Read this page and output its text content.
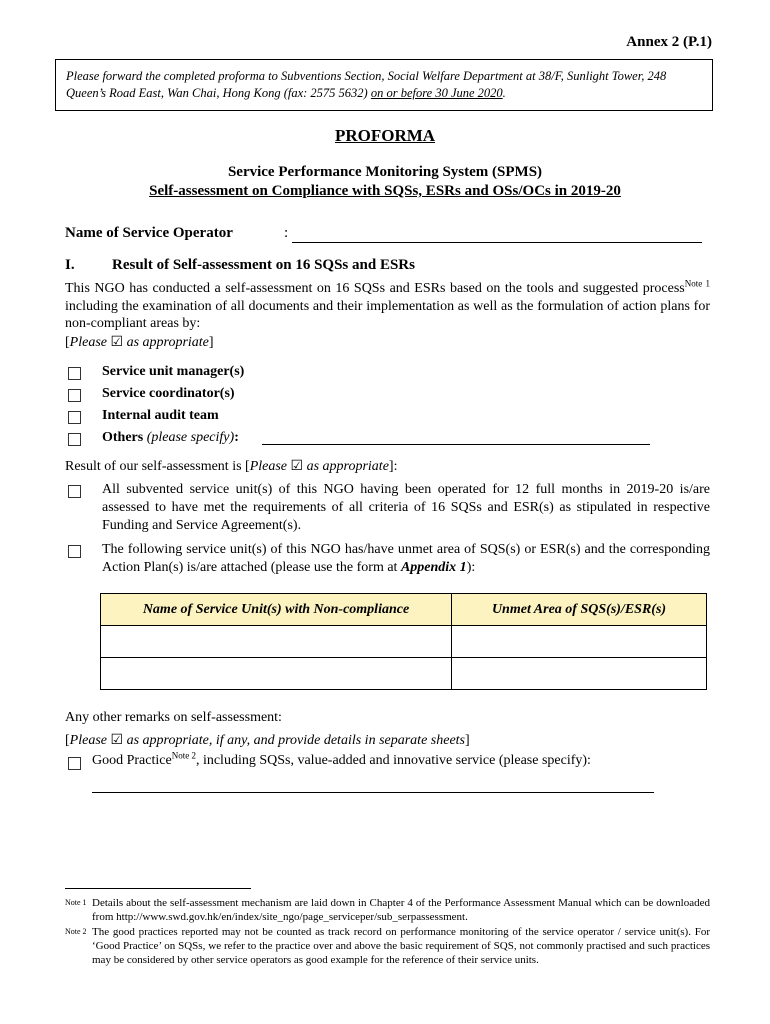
Annex 2 (P.1)
Please forward the completed proforma to Subventions Section, Social Welfare Department at 38/F, Sunlight Tower, 248 Queen’s Road East, Wan Chai, Hong Kong (fax: 2575 5632) on or before 30 June 2020.
PROFORMA
Service Performance Monitoring System (SPMS)
Self-assessment on Compliance with SQSs, ESRs and OSs/OCs in 2019-20
Name of Service Operator	:
I. Result of Self-assessment on 16 SQSs and ESRs
This NGO has conducted a self-assessment on 16 SQSs and ESRs based on the tools and suggested process$^{Note 1}$ including the examination of all documents and their implementation as well as the formulation of action plans for non-compliant areas by:
[Please ☑ as appropriate]
Service unit manager(s)
Service coordinator(s)
Internal audit team
Others (please specify):
Result of our self-assessment is [Please ☑ as appropriate]:
All subvented service unit(s) of this NGO having been operated for 12 full months in 2019-20 is/are assessed to have met the requirements of all criteria of 16 SQSs and ESR(s) as stipulated in respective Funding and Service Agreement(s).
The following service unit(s) of this NGO has/have unmet area of SQS(s) or ESR(s) and the corresponding Action Plan(s) is/are attached (please use the form at Appendix 1):
Name of Service Unit(s) with Non-compliance	Unmet Area of SQS(s)/ESR(s)

Any other remarks on self-assessment:
[Please ☑ as appropriate, if any, and provide details in separate sheets]
Good Practice$^{Note 2}$, including SQSs, value-added and innovative service (please specify):
Note 1 Details about the self-assessment mechanism are laid down in Chapter 4 of the Performance Assessment Manual which can be downloaded from http://www.swd.gov.hk/en/index/site_ngo/page_serviceper/sub_serpassessment.
Note 2 The good practices reported may not be counted as track record on performance monitoring of the service operator / service unit(s). For ‘Good Practice’ on SQSs, we refer to the practice over and above the basic requirement of SQS, not commonly practised and such practices may be considered by other service operators as good example for the reference of their service units.
